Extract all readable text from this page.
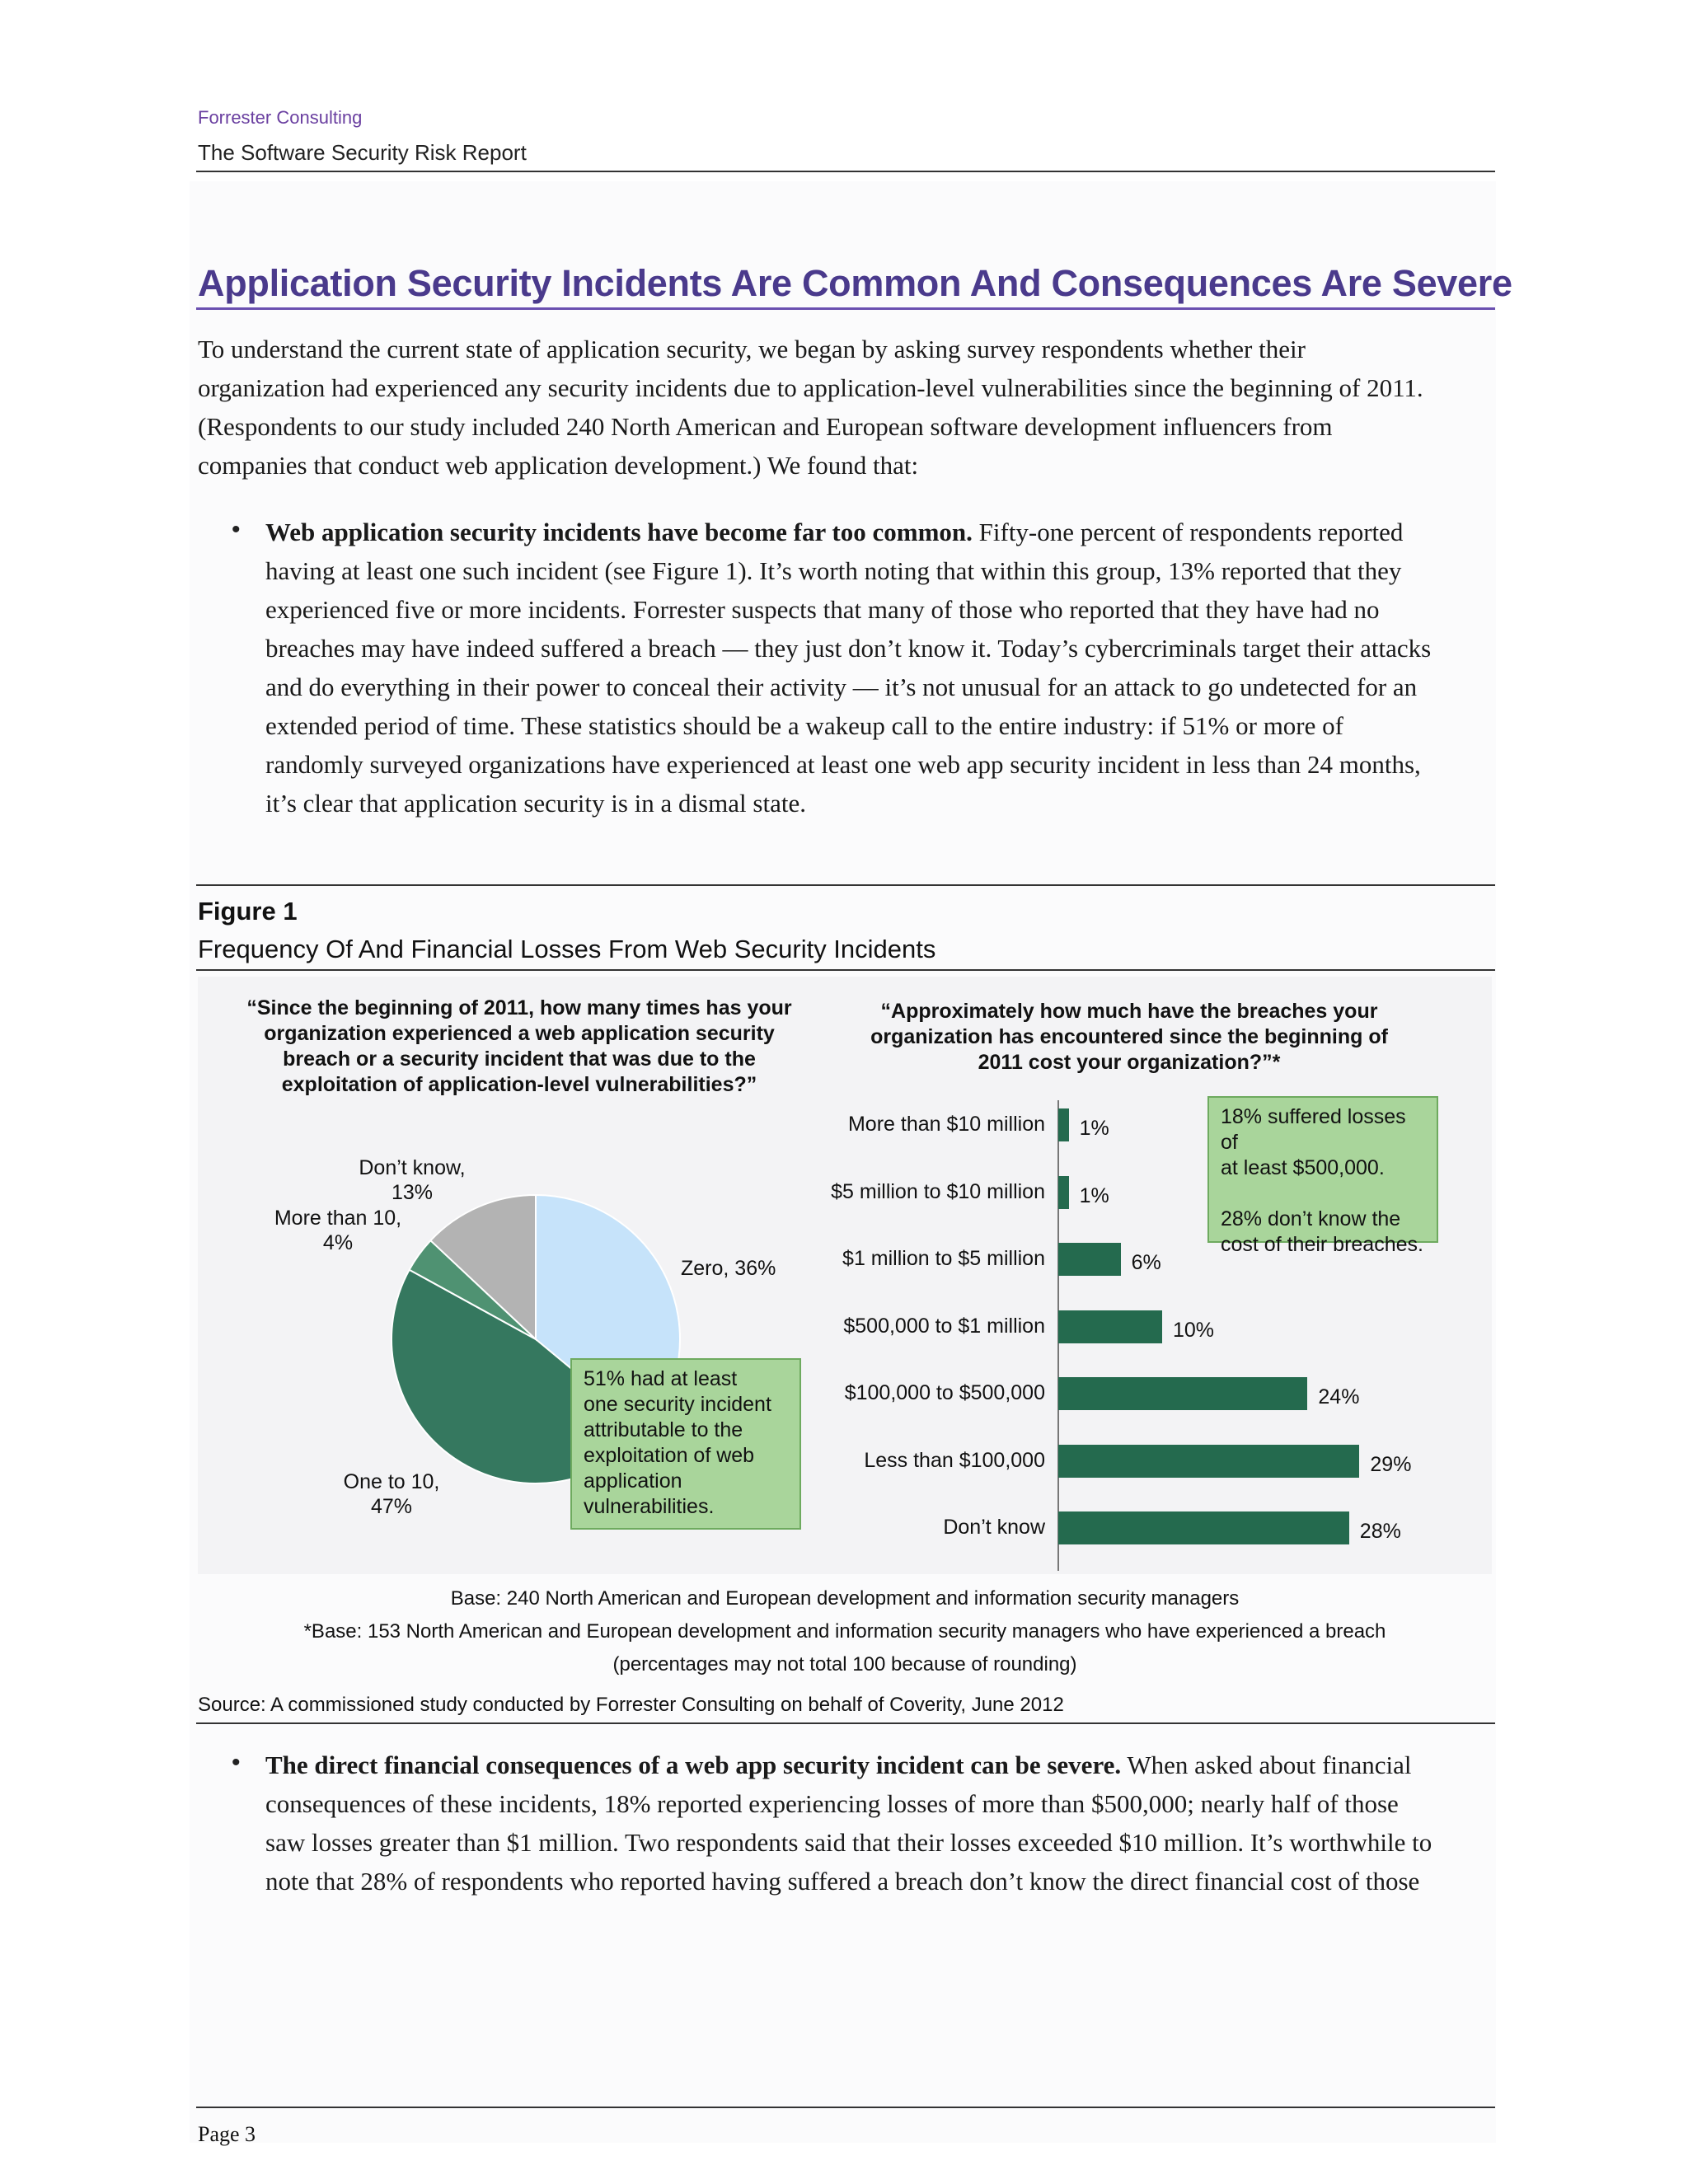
Forrester Consulting
The Software Security Risk Report
Application Security Incidents Are Common And Consequences Are Severe

To understand the current state of application security, we began by asking survey respondents whether their

organization had experienced any security incidents due to application-level vulnerabilities since the beginning of 2011.

(Respondents to our study included 240 North American and European software development influencers from

companies that conduct web application development.) We found that:

• Web application security incidents have become far too common. Fifty-one percent of respondents reported

having at least one such incident (see Figure 1). It’s worth noting that within this group, 13% reported that they

experienced five or more incidents. Forrester suspects that many of those who reported that they have had no

breaches may have indeed suffered a breach — they just don’t know it. Today’s cybercriminals target their attacks

and do everything in their power to conceal their activity — it’s not unusual for an attack to go undetected for an

extended period of time. These statistics should be a wakeup call to the entire industry: if 51% or more of

randomly surveyed organizations have experienced at least one web app security incident in less than 24 months,

it’s clear that application security is in a dismal state.

Figure 1
Frequency Of And Financial Losses From Web Security Incidents
“Since the beginning of 2011, how many times has your
organization experienced a web application security
breach or a security incident that was due to the
exploitation of application-level vulnerabilities?”
Don’t know,
13%
More than 10,
4%
Zero, 36%
One to 10,
47%
51% had at least
one security incident
attributable to the
exploitation of web
application
vulnerabilities.
“Approximately how much have the breaches your
organization has encountered since the beginning of
2011 cost your organization?”*
More than $10 million 1%
$5 million to $10 million 1%
$1 million to $5 million	6%
$500,000 to $1 million	10%
$100,000 to $500,000	24%
Less than $100,000	29%
Don’t know	28%
18% suffered losses of
at least $500,000.
28% don’t know the
cost of their breaches.
Base: 240 North American and European development and information security managers
*Base: 153 North American and European development and information security managers who have experienced a breach
(percentages may not total 100 because of rounding)
Source: A commissioned study conducted by Forrester Consulting on behalf of Coverity, June 2012
• The direct financial consequences of a web app security incident can be severe. When asked about financial

consequences of these incidents, 18% reported experiencing losses of more than $500,000; nearly half of those

saw losses greater than $1 million. Two respondents said that their losses exceeded $10 million. It’s worthwhile to

note that 28% of respondents who reported having suffered a breach don’t know the direct financial cost of those

Page 3
